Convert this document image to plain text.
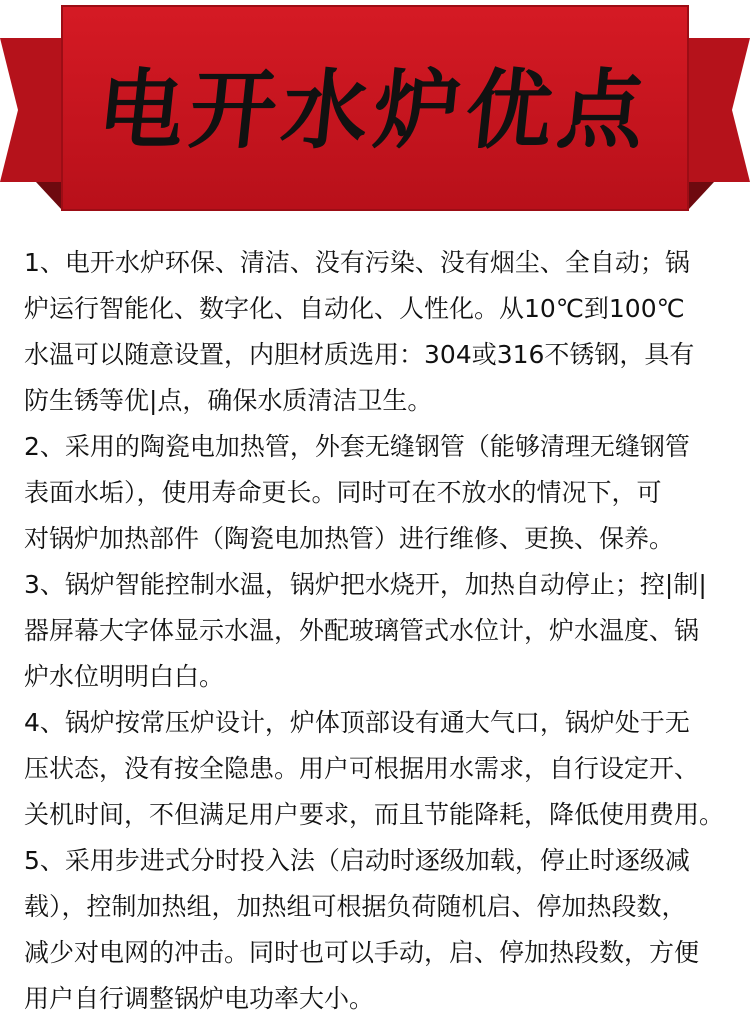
电开水炉优点
1、电开水炉环保、清洁、没有污染、没有烟尘、全自动；锅
炉运行智能化、数字化、自动化、人性化。从10℃到100℃
水温可以随意设置，内胆材质选用：304或316不锈钢，具有
防生锈等优|点，确保水质清洁卫生。
2、采用的陶瓷电加热管，外套无缝钢管（能够清理无缝钢管
表面水垢），使用寿命更长。同时可在不放水的情况下，可
对锅炉加热部件（陶瓷电加热管）进行维修、更换、保养。
3、锅炉智能控制水温，锅炉把水烧开，加热自动停止；控|制|
器屏幕大字体显示水温，外配玻璃管式水位计，炉水温度、锅
炉水位明明白白。
4、锅炉按常压炉设计，炉体顶部设有通大气口，锅炉处于无
压状态，没有按全隐患。用户可根据用水需求，自行设定开、
关机时间，不但满足用户要求，而且节能降耗，降低使用费用。
5、采用步进式分时投入法（启动时逐级加载，停止时逐级减
载），控制加热组，加热组可根据负荷随机启、停加热段数，
减少对电网的冲击。同时也可以手动，启、停加热段数，方便
用户自行调整锅炉电功率大小。
